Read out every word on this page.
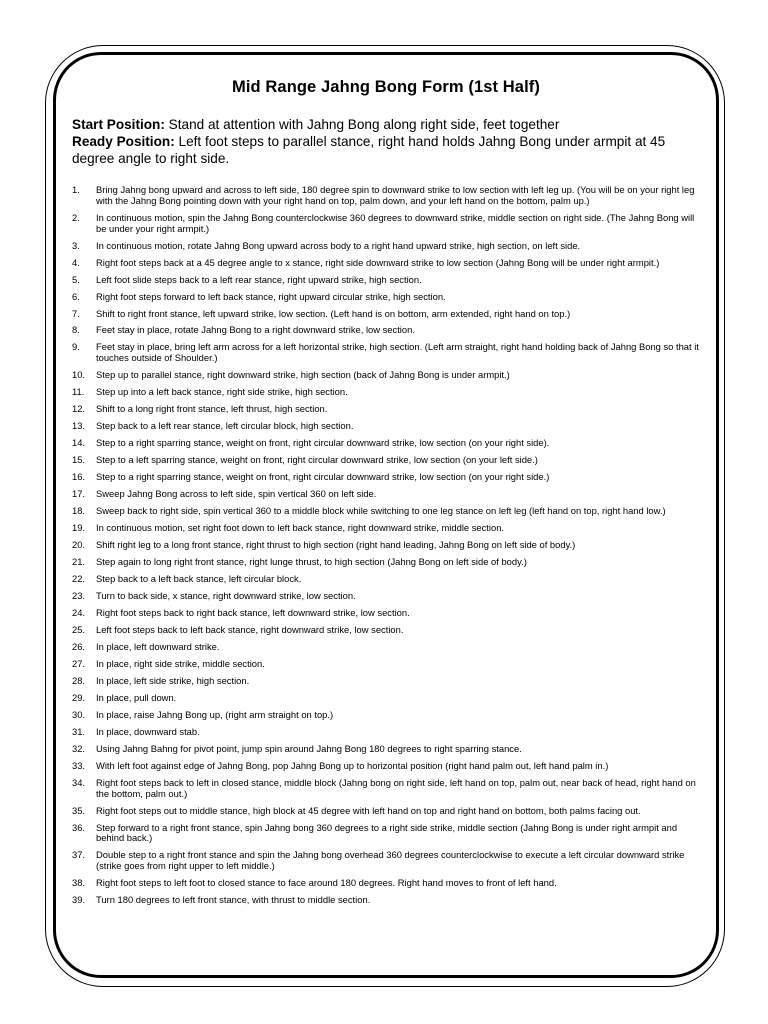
Mid Range Jahng Bong Form (1st Half)
Start Position: Stand at attention with Jahng Bong along right side, feet together
Ready Position: Left foot steps to parallel stance, right hand holds Jahng Bong under armpit at 45 degree angle to right side.
1.	Bring Jahng bong upward and across to left side, 180 degree spin to downward strike to low section with left leg up. (You will be on your right leg with the Jahng Bong pointing down with your right hand on top, palm down, and your left hand on the bottom, palm up.)
2.	In continuous motion, spin the Jahng Bong counterclockwise 360 degrees to downward strike, middle section on right side. (The Jahng Bong will be under your right armpit.)
3.	In continuous motion, rotate Jahng Bong upward across body to a right hand upward strike, high section, on left side.
4.	Right foot steps back at a 45 degree angle to x stance, right side downward strike to low section (Jahng Bong will be under right armpit.)
5.	Left foot slide steps back to a left rear stance, right upward strike, high section.
6.	Right foot steps forward to left back stance, right upward circular strike, high section.
7.	Shift to right front stance, left upward strike, low section. (Left hand is on bottom, arm extended, right hand on top.)
8.	Feet stay in place, rotate Jahng Bong to a right downward strike, low section.
9.	Feet stay in place, bring left arm across for a left horizontal strike, high section. (Left arm straight, right hand holding back of Jahng Bong so that it touches outside of Shoulder.)
10.	Step up to parallel stance, right downward strike, high section (back of Jahng Bong is under armpit.)
11.	Step up into a left back stance, right side strike, high section.
12.	Shift to a long right front stance, left thrust, high section.
13.	Step back to a left rear stance, left circular block, high section.
14.	Step to a right sparring stance, weight on front, right circular downward strike, low section (on your right side).
15.	Step to a left sparring stance, weight on front, right circular downward strike, low section (on your left side.)
16.	Step to a right sparring stance, weight on front, right circular downward strike, low section (on your right side.)
17.	Sweep Jahng Bong across to left side, spin vertical 360 on left side.
18.	Sweep back to right side, spin vertical 360 to a middle block while switching to one leg stance on left leg (left hand on top, right hand low.)
19.	In continuous motion, set right foot down to left back stance, right downward strike, middle section.
20.	Shift right leg to a long front stance, right thrust to high section (right hand leading, Jahng Bong on left side of body.)
21.	Step again to long right front stance, right lunge thrust, to high section (Jahng Bong on left side of body.)
22.	Step back to a left back stance, left circular block.
23.	Turn to back side, x stance, right downward strike, low section.
24.	Right foot steps back to right back stance, left downward strike, low section.
25.	Left foot steps back to left back stance, right downward strike, low section.
26.	In place, left downward strike.
27.	In place, right side strike, middle section.
28.	In place, left side strike, high section.
29.	In place, pull down.
30.	In place, raise Jahng Bong up, (right arm straight on top.)
31.	In place, downward stab.
32.	Using Jahng Bahng for pivot point, jump spin around Jahng Bong 180 degrees to right sparring stance.
33.	With left foot against edge of Jahng Bong, pop Jahng Bong up to horizontal position (right hand palm out, left hand palm in.)
34.	Right foot steps back to left in closed stance, middle block (Jahng bong on right side, left hand on top, palm out, near back of head, right hand on the bottom, palm out.)
35.	Right foot steps out to middle stance, high block at 45 degree with left hand on top and right hand on bottom, both palms facing out.
36.	Step forward to a right front stance, spin Jahng bong 360 degrees to a right side strike, middle section (Jahng Bong is under right armpit and behind back.)
37.	Double step to a right front stance and spin the Jahng bong overhead 360 degrees counterclockwise to execute a left circular downward strike (strike goes from right upper to left middle.)
38.	Right foot steps to left foot to closed stance to face around 180 degrees. Right hand moves to front of left hand.
39.	Turn 180 degrees to left front stance, with thrust to middle section.
